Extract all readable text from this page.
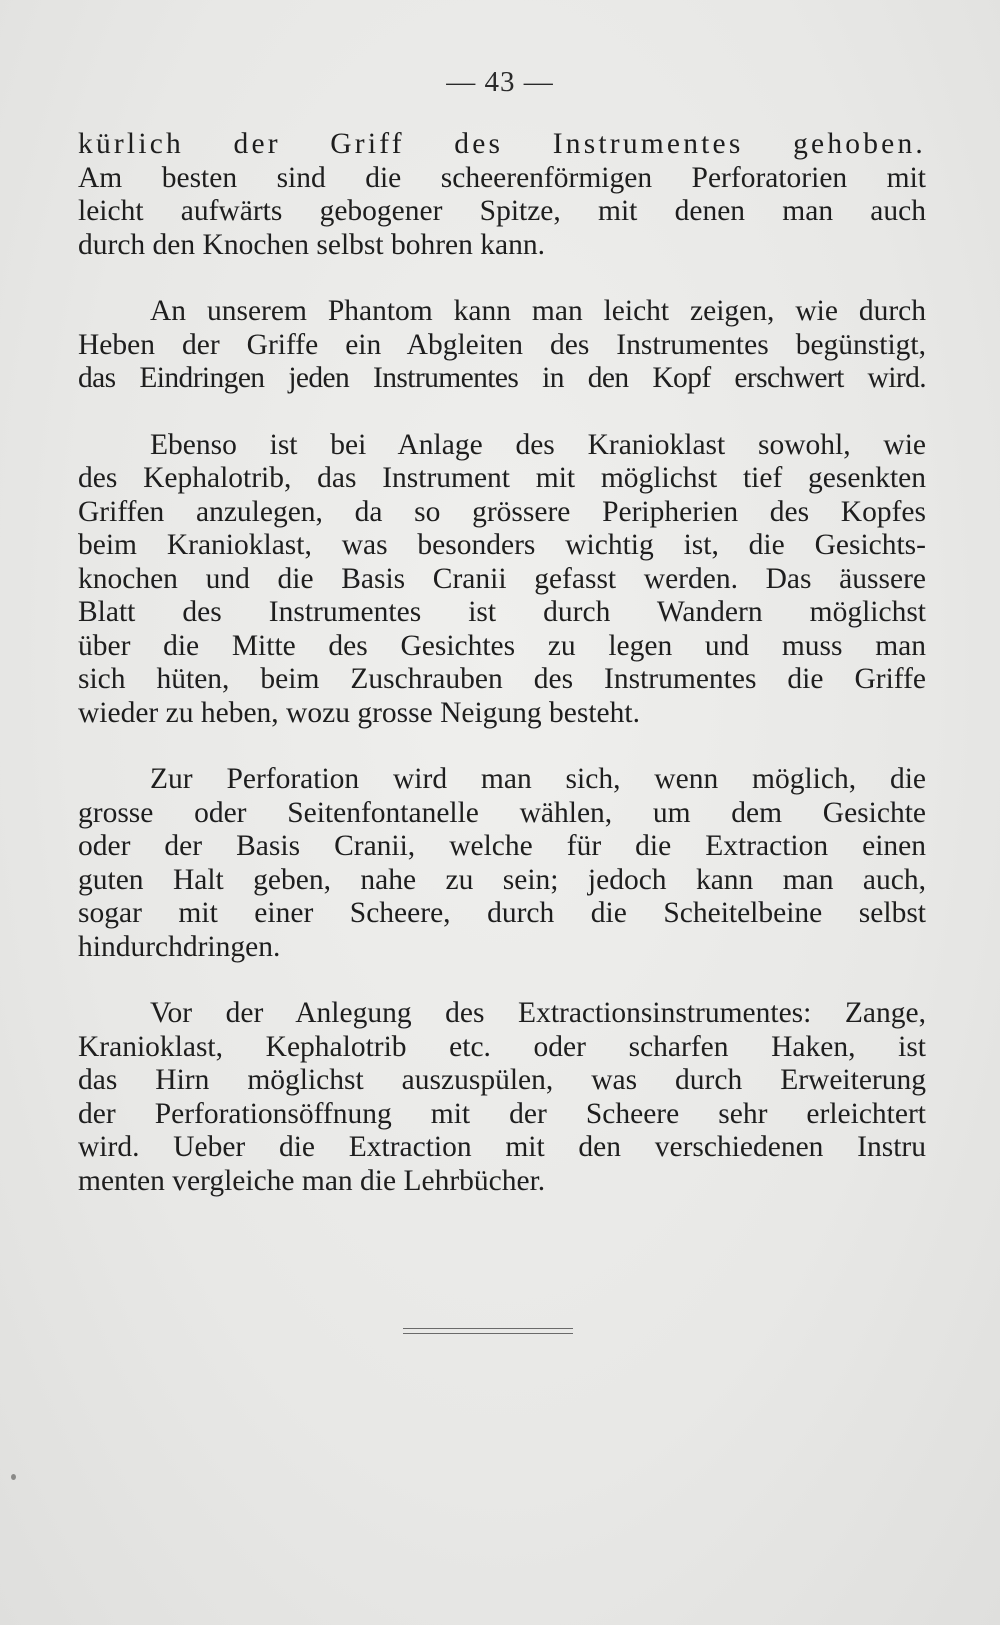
— 43 —

kürlich der Griff des Instrumentes gehoben.
Am besten sind die scheerenförmigen Perforatorien mit
leicht aufwärts gebogener Spitze, mit denen man auch
durch den Knochen selbst bohren kann.

An unserem Phantom kann man leicht zeigen, wie durch
Heben der Griffe ein Abgleiten des Instrumentes begünstigt,
das Eindringen jeden Instrumentes in den Kopf erschwert wird.

Ebenso ist bei Anlage des Kranioklast sowohl, wie
des Kephalotrib, das Instrument mit möglichst tief gesenkten
Griffen anzulegen, da so grössere Peripherien des Kopfes
beim Kranioklast, was besonders wichtig ist, die Gesichts-
knochen und die Basis Cranii gefasst werden. Das äussere
Blatt des Instrumentes ist durch Wandern möglichst
über die Mitte des Gesichtes zu legen und muss man
sich hüten, beim Zuschrauben des Instrumentes die Griffe
wieder zu heben, wozu grosse Neigung besteht.

Zur Perforation wird man sich, wenn möglich, die
grosse oder Seitenfontanelle wählen, um dem Gesichte
oder der Basis Cranii, welche für die Extraction einen
guten Halt geben, nahe zu sein; jedoch kann man auch,
sogar mit einer Scheere, durch die Scheitelbeine selbst
hindurchdringen.

Vor der Anlegung des Extractionsinstrumentes: Zange,
Kranioklast, Kephalotrib etc. oder scharfen Haken, ist
das Hirn möglichst auszuspülen, was durch Erweiterung
der Perforationsöffnung mit der Scheere sehr erleichtert
wird. Ueber die Extraction mit den verschiedenen Instru
menten vergleiche man die Lehrbücher.
